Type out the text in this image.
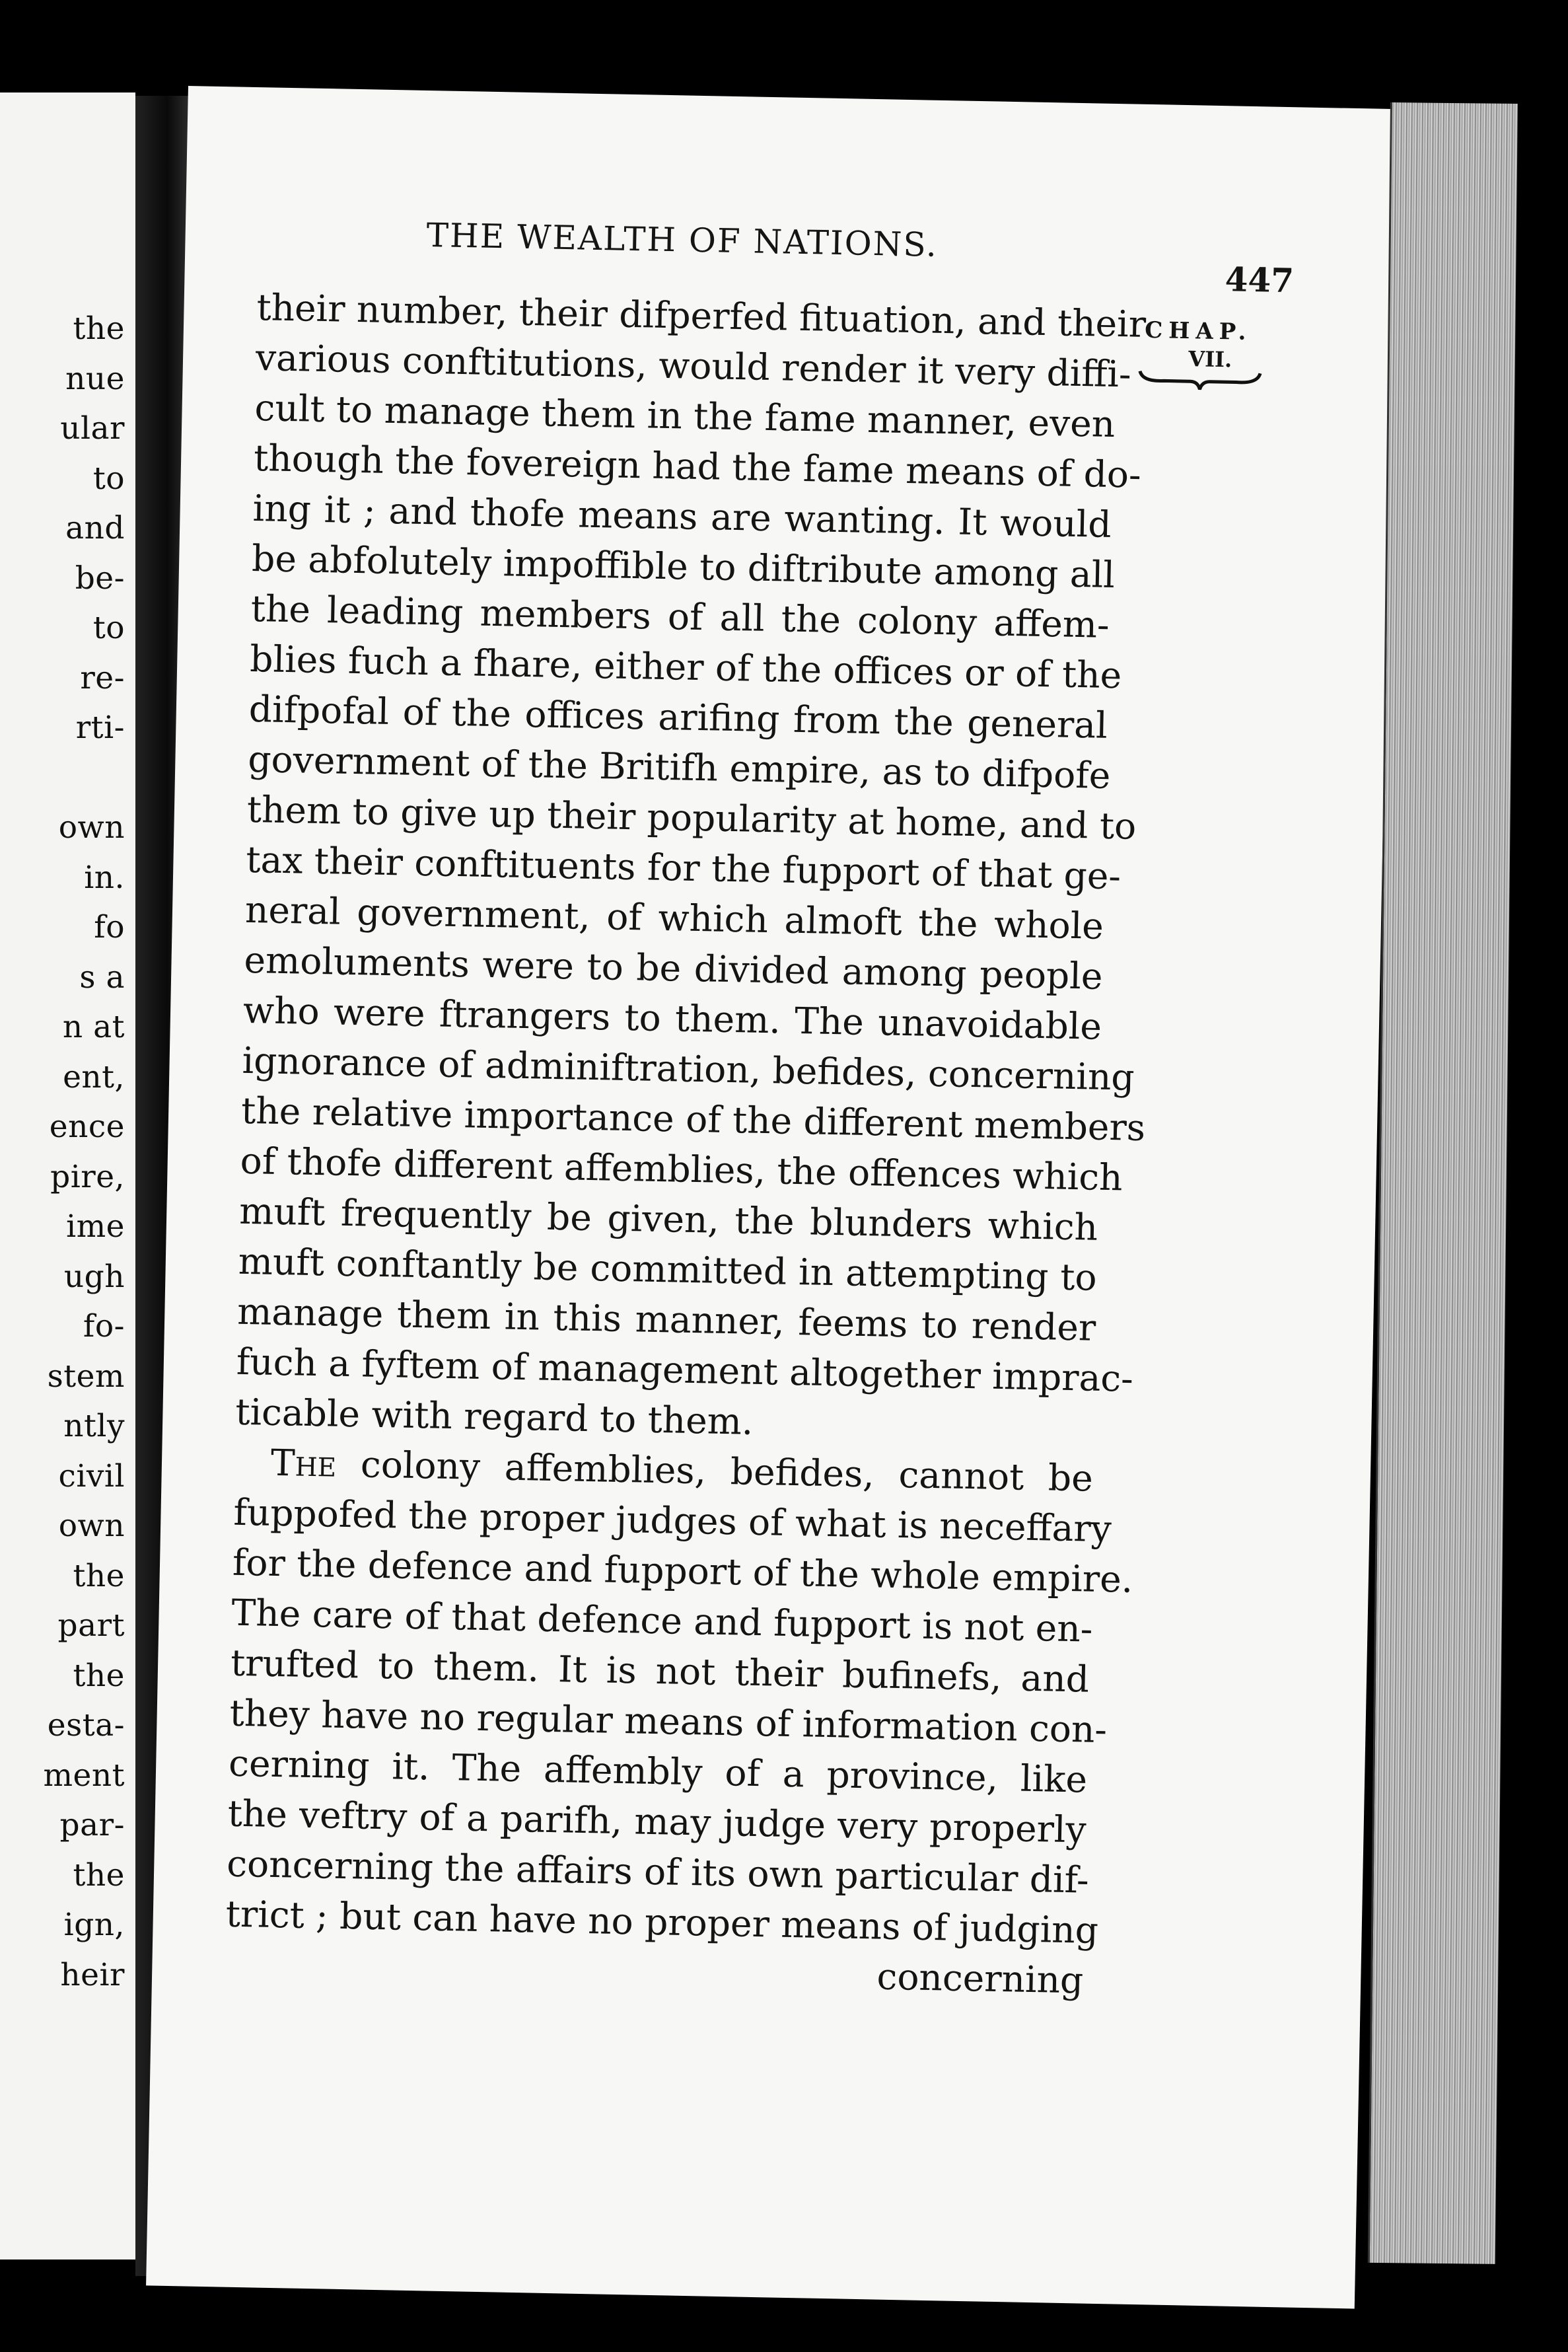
the
nue
ular
to
and
be-
to
re-
rti-
own
in.
fo
s a
n at
ent,
ence
pire,
ime
ugh
fo-
stem
ntly
civil
own
the
part
the
esta-
ment
par-
the
ign,
heir
THE WEALTH OF NATIONS.
447
CHAP.
VII.
their number, their difperfed fituation, and their
various conftitutions, would render it very diffi-
cult to manage them in the fame manner, even
though the fovereign had the fame means of do-
ing it ; and thofe means are wanting. It would
be abfolutely impoffible to diftribute among all
the leading members of all the colony affem-
blies fuch a fhare, either of the offices or of the
difpofal of the offices arifing from the general
government of the Britifh empire, as to difpofe
them to give up their popularity at home, and to
tax their conftituents for the fupport of that ge-
neral government, of which almoft the whole
emoluments were to be divided among people
who were ftrangers to them. The unavoidable
ignorance of adminiftration, befides, concerning
the relative importance of the different members
of thofe different affemblies, the offences which
muft frequently be given, the blunders which
muft conftantly be committed in attempting to
manage them in this manner, feems to render
fuch a fyftem of management altogether imprac-
ticable with regard to them.
The colony affemblies, befides, cannot be
fuppofed the proper judges of what is neceffary
for the defence and fupport of the whole empire.
The care of that defence and fupport is not en-
trufted to them. It is not their bufinefs, and
they have no regular means of information con-
cerning it. The affembly of a province, like
the veftry of a parifh, may judge very properly
concerning the affairs of its own particular dif-
trict ; but can have no proper means of judging
concerning
